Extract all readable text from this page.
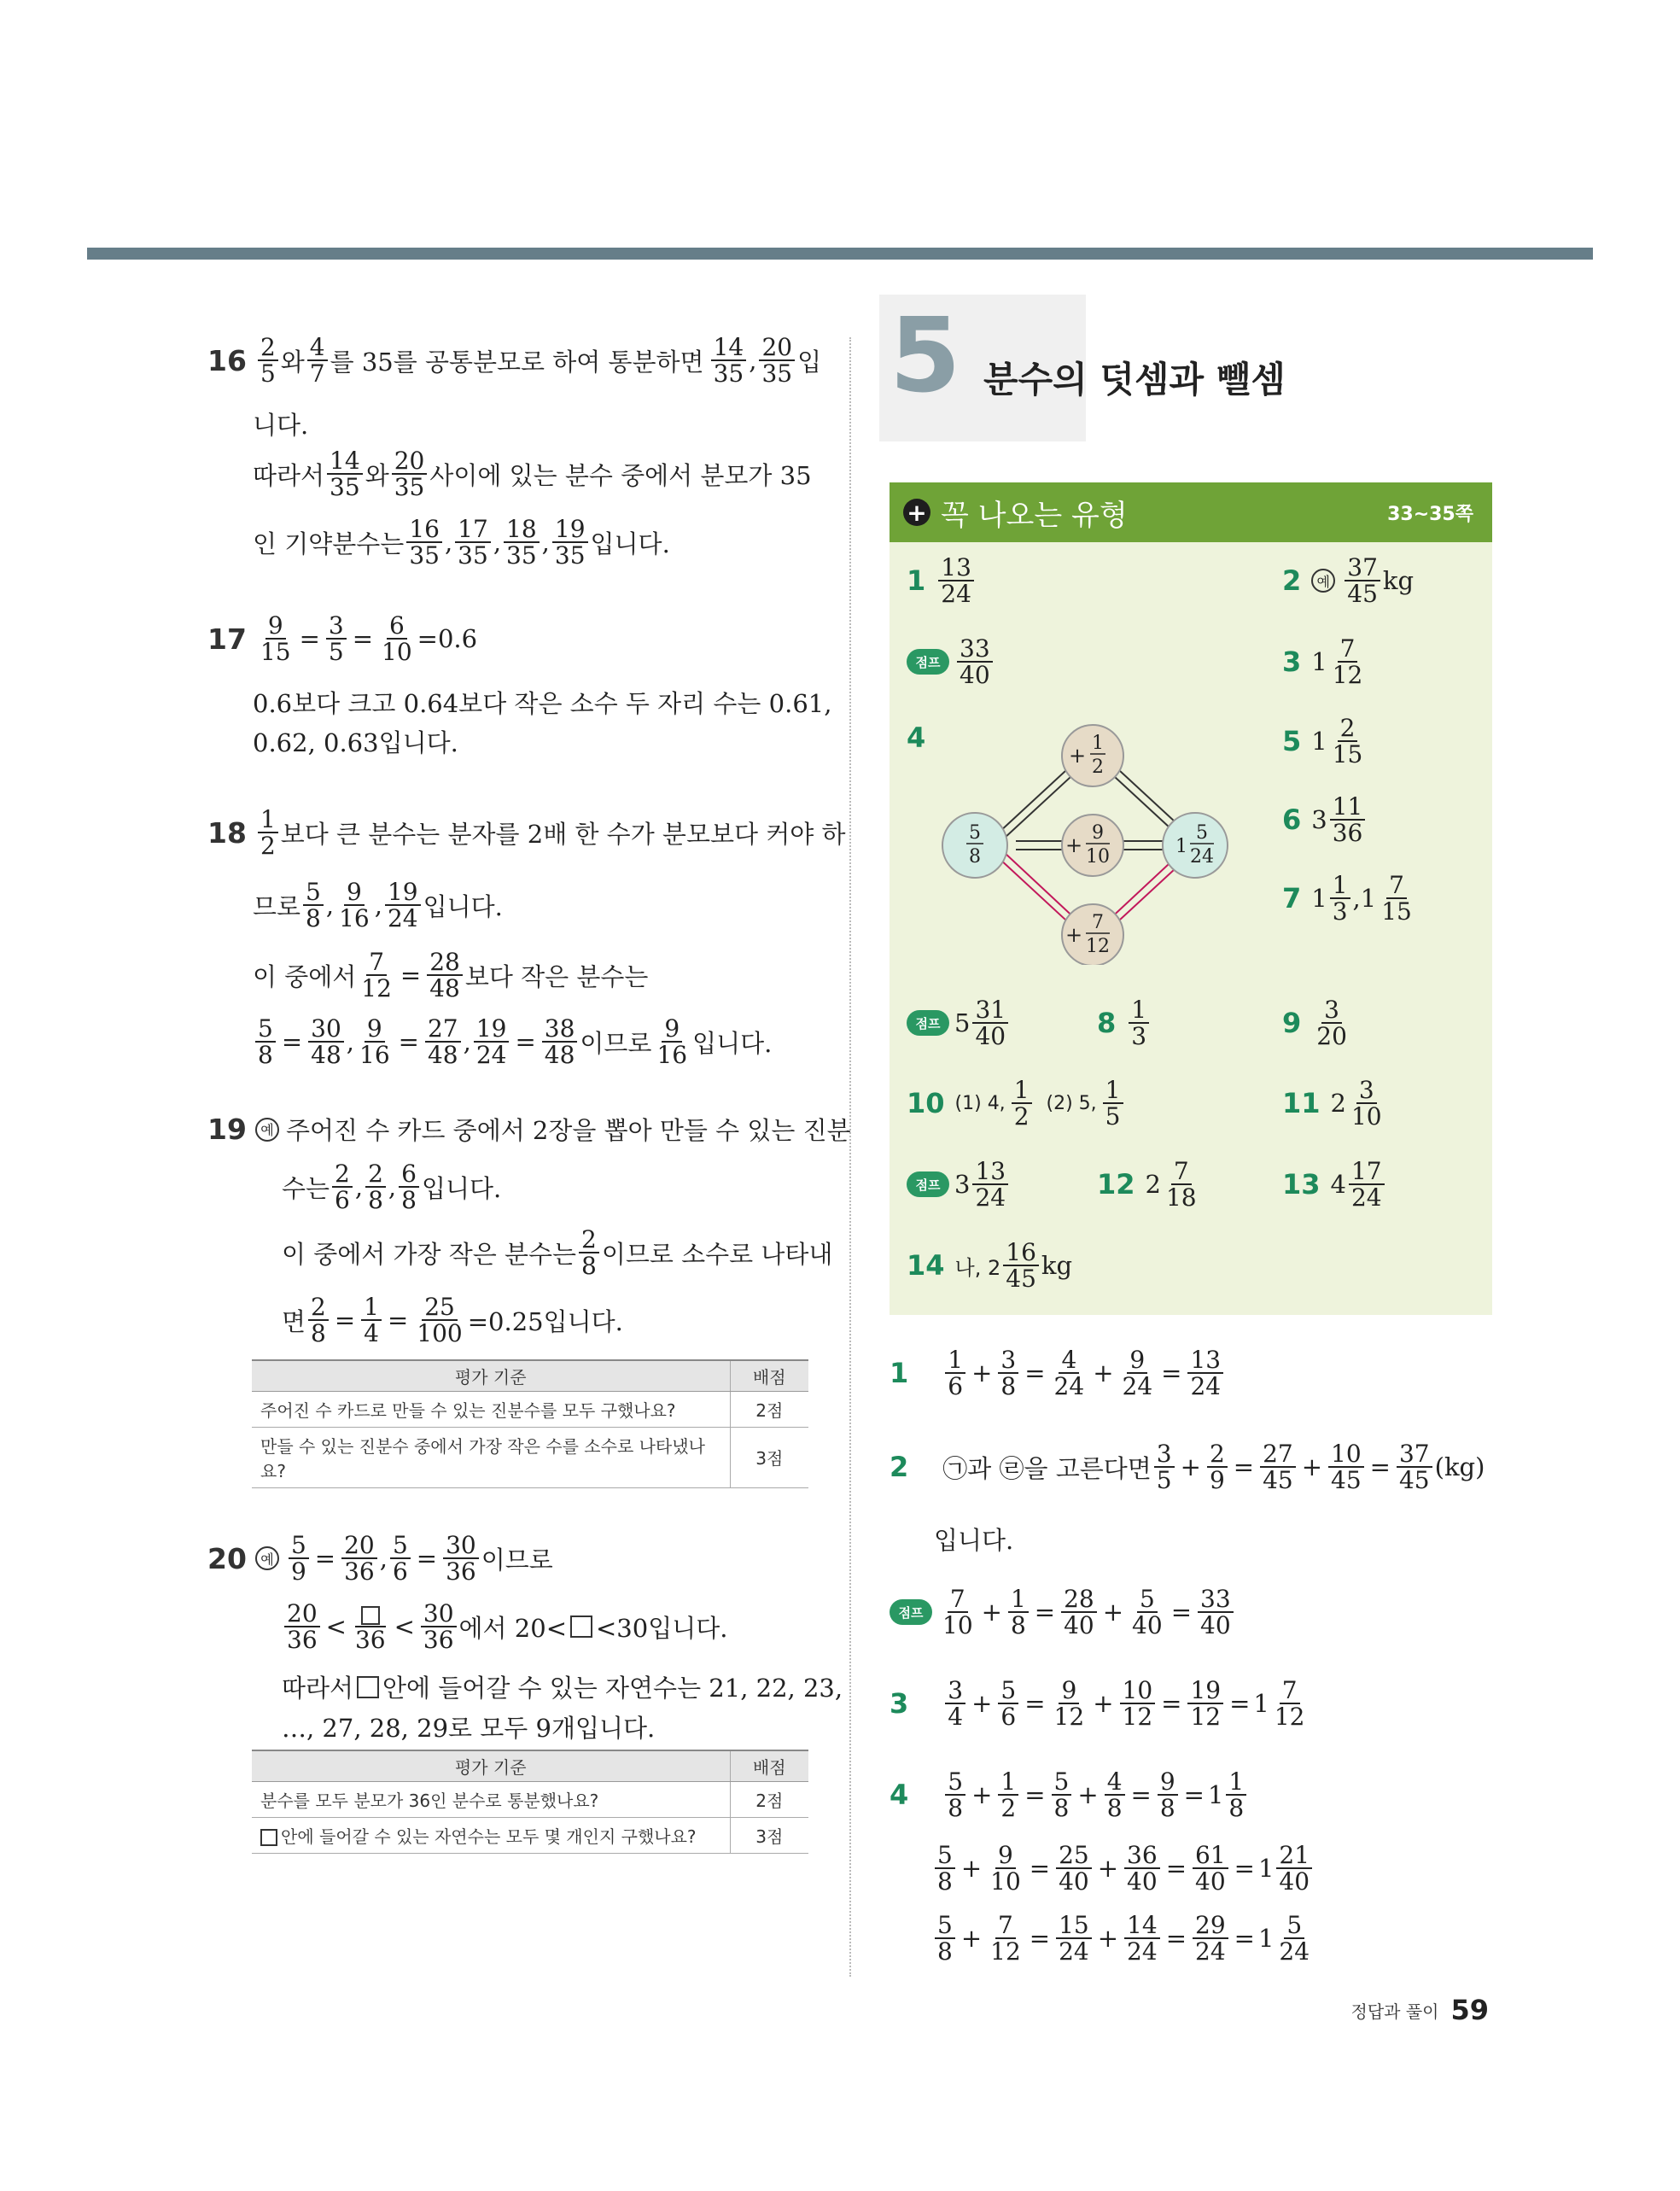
$16 \frac{2}{5}$ 와 $\frac{4}{7}$ 를 35를 공통분모로 하여 통분하면 $\frac{14}{35}$ , $\frac{20}{35}$ 입
니다.
따라서 $\frac{14}{35}$ 와 $\frac{20}{35}$ 사이에 있는 분수 중에서 분모가 35
인 기약분수는 $\frac{16}{35}$ , $\frac{17}{35}$ , $\frac{18}{35}$ , $\frac{19}{35}$ 입니다.
$17 \frac{9}{15} = \frac{3}{5} = \frac{6}{10} =0.6$
0.6보다 크고 0.64보다 작은 소수 두 자리 수는 0.61,
0.62, 0.63입니다.
$18 \frac{1}{2}$ 보다 큰 분수는 분자를 2배 한 수가 분모보다 커야 하
므로 $\frac{5}{8}$ , $\frac{9}{16}$ , $\frac{19}{24}$ 입니다.
이 중에서 $\frac{7}{12} = \frac{28}{48}$ 보다 작은 분수는
$\frac{5}{8} = \frac{30}{48}$ , $\frac{9}{16} = \frac{27}{48}$ , $\frac{19}{24} = \frac{38}{48}$ 이므로 $\frac{9}{16}$ 입니다.
19	예 주어진 수 카드 중에서 2장을 뽑아 만들 수 있는 진분
수는 $\frac{2}{6}$ , $\frac{2}{8}$ , $\frac{6}{8}$ 입니다.
이 중에서 가장 작은 분수는 $\frac{2}{8}$ 이므로 소수로 나타내
면 $\frac{2}{8} = \frac{1}{4} = \frac{25}{100} =0.25$입니다.
평가 기준	배점
주어진 수 카드로 만들 수 있는 진분수를 모두 구했나요?	2점
만들 수 있는 진분수 중에서 가장 작은 수를 소수로 나타냈나요?	3점
20	예 $\frac{5}{9} = \frac{20}{36}$ , $\frac{5}{6} = \frac{30}{36}$ 이므로
$\frac{20}{36} < 36 < \frac{30}{36}$ 에서 20< <30입니다.
따라서 안에 들어갈 수 있는 자연수는 21, 22, 23,
…, 27, 28, 29로 모두 9개입니다.
평가 기준	배점
분수를 모두 분모가 36인 분수로 통분했나요?	2점
안에 들어갈 수 있는 자연수는 모두 몇 개인지 구했나요?	3점
5 분수의 덧셈과 뺄셈
+ 꼭 나오는 유형	33~35쪽
$1 \frac{13}{24}$	2	예 $\frac{37}{45}$ kg
점프 $\frac{33}{40}$	3 $1 \frac{7}{12}$
4	5 $1 \frac{2}{15}$
6 $3 \frac{11}{36}$
7 $1 \frac{1}{3}$ , $1 \frac{7}{15}$
5
8
+
1
2
+
9
10
+
7
12
1
5
24
점프 $5 \frac{31}{40}$	$8 \frac{1}{3}$	$9 \frac{3}{20}$
10 (1) 4, $\frac{1}{2} (2)$ 5, $\frac{1}{5}$	11 $2 \frac{3}{10}$
점프 $3 \frac{13}{24}$	12 $2 \frac{7}{18}$	13 $4 \frac{17}{24}$
14 나, $2 \frac{16}{45}$ kg
$1 \frac{1}{6} + \frac{3}{8} = \frac{4}{24} + \frac{9}{24} = \frac{13}{24}$
2 ㉠과 ㉣을 고른다면 $\frac{3}{5} + \frac{2}{9} = \frac{27}{45} + \frac{10}{45} = \frac{37}{45} (kg)$
입니다.
점프 $\frac{7}{10} + \frac{1}{8} = \frac{28}{40} + \frac{5}{40} = \frac{33}{40}$
$3 \frac{3}{4} + \frac{5}{6} = \frac{9}{12} + \frac{10}{12} = \frac{19}{12} = 1 \frac{7}{12}$
$4 \frac{5}{8} + \frac{1}{2} = \frac{5}{8} + \frac{4}{8} = \frac{9}{8} = 1 \frac{1}{8}$
$\frac{5}{8} + \frac{9}{10} = \frac{25}{40} + \frac{36}{40} = \frac{61}{40} = 1 \frac{21}{40}$
$\frac{5}{8} + \frac{7}{12} = \frac{15}{24} + \frac{14}{24} = \frac{29}{24} = 1 \frac{5}{24}$
정답과 풀이 59
